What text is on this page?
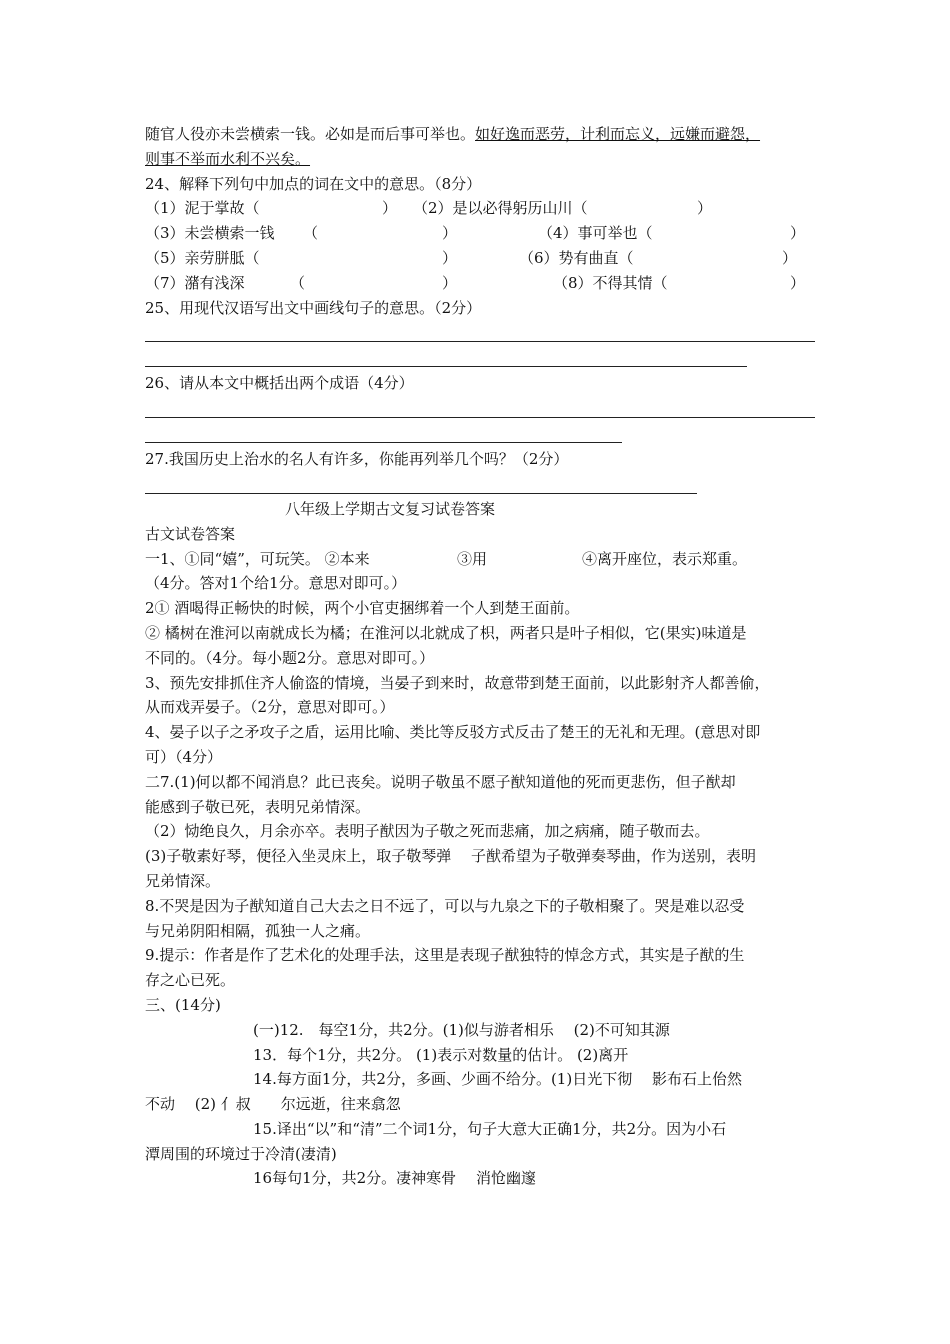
随官人役亦未尝横索一钱。必如是而后事可举也。如好逸而恶劳，计利而忘义，远嫌而避怨，
则事不举而水利不兴矣。
24、解释下列句中加点的词在文中的意思。（8分）
（1）泥于掌故（	） （2）是以必得躬历山川（	）
（3）未尝横索一钱 （	）	（4）事可举也（	）
（5）亲劳胼胝（	）	（6）势有曲直（	）
（7）潴有浅深	（	）	（8）不得其情（	）
25、用现代汉语写出文中画线句子的意思。（2分）
26、请从本文中概括出两个成语（4分）
27.我国历史上治水的名人有许多，你能再列举几个吗？（2分）
八年级上学期古文复习试卷答案
古文试卷答案
一1、①同“嬉”，可玩笑。 ②本来	③用	④离开座位，表示郑重。
（4分。答对1个给1分。意思对即可。）
2① 酒喝得正畅快的时候，两个小官吏捆绑着一个人到楚王面前。
② 橘树在淮河以南就成长为橘；在淮河以北就成了枳，两者只是叶子相似，它(果实)味道是
不同的。（4分。每小题2分。意思对即可。）
3、预先安排抓住齐人偷盗的情境，当晏子到来时，故意带到楚王面前，以此影射齐人都善偷，
从而戏弄晏子。（2分，意思对即可。）
4、晏子以子之矛攻子之盾，运用比喻、类比等反驳方式反击了楚王的无礼和无理。(意思对即
可）（4分）
二7.(1)何以都不闻消息？此已丧矣。说明子敬虽不愿子猷知道他的死而更悲伤，但子猷却
能感到子敬已死，表明兄弟情深。
（2）恸绝良久，月余亦卒。表明子猷因为子敬之死而悲痛，加之病痛，随子敬而去。
(3)子敬素好琴，便径入坐灵床上，取子敬琴弹　 子猷希望为子敬弹奏琴曲，作为送别，表明
兄弟情深。
8.不哭是因为子猷知道自己大去之日不远了，可以与九泉之下的子敬相聚了。哭是难以忍受
与兄弟阴阳相隔，孤独一人之痛。
9.提示：作者是作了艺术化的处理手法，这里是表现子猷独特的悼念方式，其实是子猷的生
存之心已死。
三、(14分)
(一)12.　每空1分，共2分。(1)似与游者相乐　 (2)不可知其源
13．每个1分，共2分。 (1)表示对数量的估计。 (2)离开
14.每方面1分，共2分，多画、少画不给分。(1)日光下彻　 影布石上佁然
不动　 (2) 亻叔　　尔远逝，往来翕忽
15.译出“以”和“清”二个词1分，句子大意大正确1分，共2分。因为小石
潭周围的环境过于冷清(凄清)
16每句1分，共2分。凄神寒骨　 消怆幽邃
